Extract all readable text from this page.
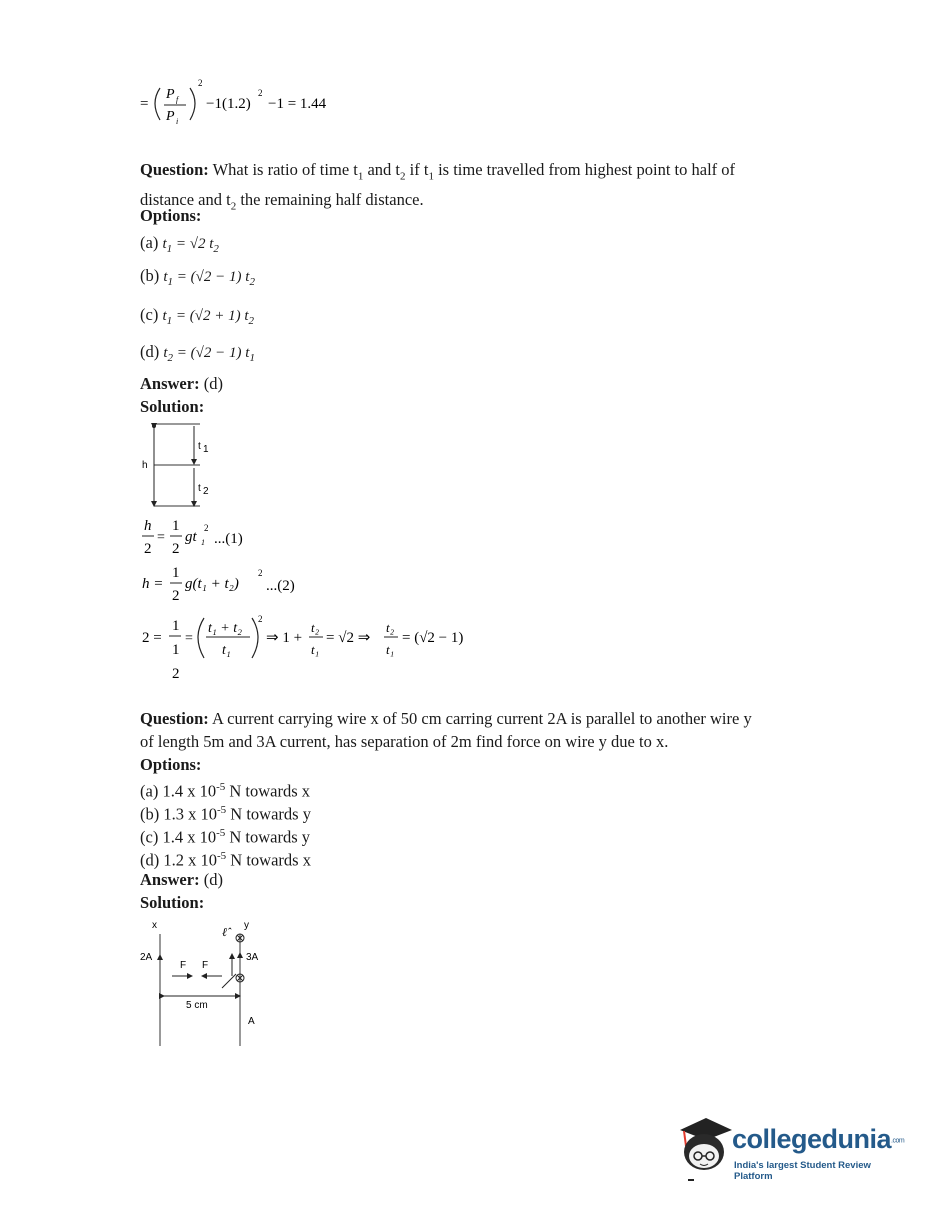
=
P f
P i
2
−1(1.2)
2
−1 = 1.44
Question: What is ratio of time $t_1$ and $t_2$ if $t_1$ is time travelled from highest point to half of
distance and $t_2$ the remaining half distance.
Options:
(a) $t_1 = √2$ $t_2$
(b) $t_1 = (√2 - 1)$ $t_2$
(c) $t_1 = (√2 + 1)$ $t_2$
(d) $t_2 = (√2 - 1)$ $t_1$
Answer: (d)
Solution:
h
t 1
t 2
h
2
=
1
2
gt 1
2
...(1)
h =
1
2
g(t₁ + t₂)
2
...(2)
2 =
1
1
2
=
t₁ + t₂
t₁
2
⇒ 1 +
t₂
t₁
= √2 ⇒
t₂
t₁
= (√2 − 1)
Question: A current carrying wire x of 50 cm carring current 2A is parallel to another wire y
of length 5m and 3A current, has separation of 2m find force on wire y due to x.
Options:
(a) 1.4 x $10^{-5}$ N towards x
(b) 1.3 x $10^{-5}$ N towards y
(c) 1.4 x $10^{-5}$ N towards y
(d) 1.2 x $10^{-5}$ N towards x
Answer: (d)
Solution:
x	y
2A	3A
F F
ℓ̂
5 cm
A
collegedunia.com
India's largest Student Review Platform
